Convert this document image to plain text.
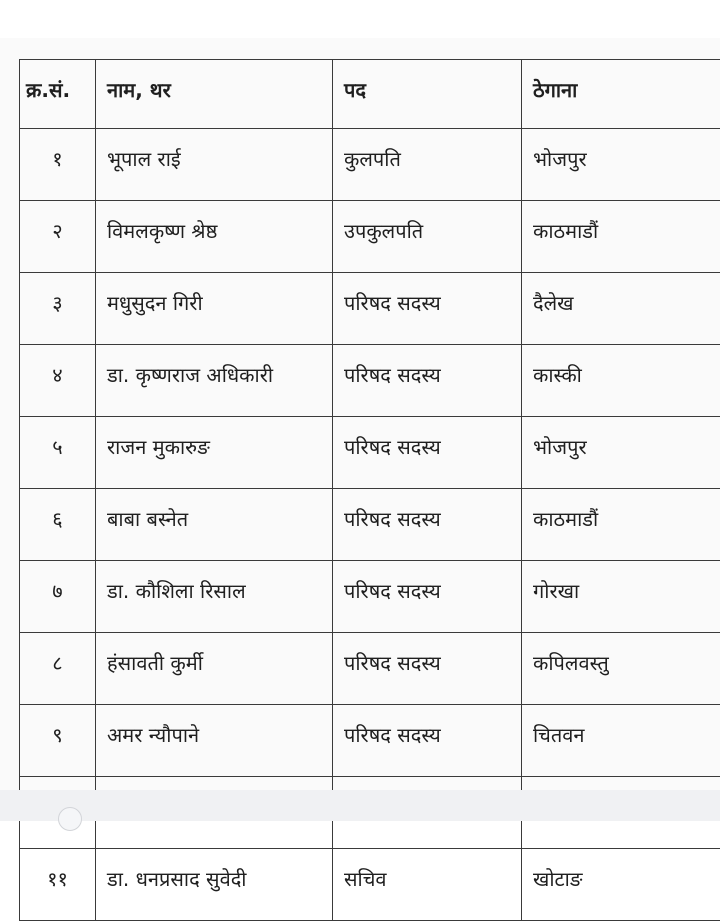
क्र.सं.	नाम, थर	पद	ठेगाना
१	भूपाल राई	कुलपति	भोजपुर
२	विमलकृष्ण श्रेष्ठ	उपकुलपति	काठमाडौं
३	मधुसुदन गिरी	परिषद सदस्य	दैलेख
४	डा. कृष्णराज अधिकारी	परिषद सदस्य	कास्की
५	राजन मुकारुङ	परिषद सदस्य	भोजपुर
६	बाबा बस्नेत	परिषद सदस्य	काठमाडौं
७	डा. कौशिला रिसाल	परिषद सदस्य	गोरखा
८	हंसावती कुर्मी	परिषद सदस्य	कपिलवस्तु
९	अमर न्यौपाने	परिषद सदस्य	चितवन

११	डा. धनप्रसाद सुवेदी	सचिव	खोटाङ
